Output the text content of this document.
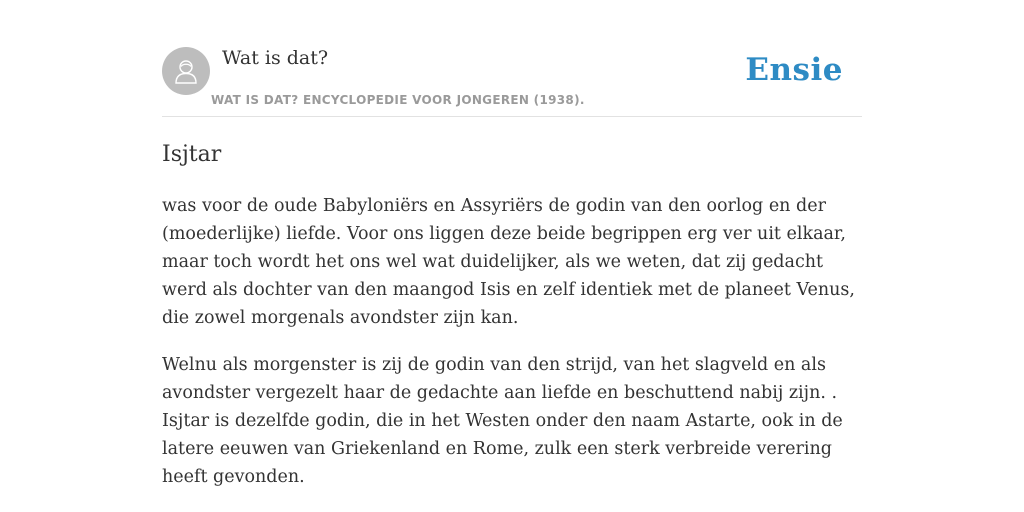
Wat is dat?
WAT IS DAT? ENCYCLOPEDIE VOOR JONGEREN (1938).
Ensie
Isjtar

was voor de oude Babyloniërs en Assyriërs de godin van den oorlog en der (moederlijke) liefde. Voor ons liggen deze beide begrippen erg ver uit elkaar, maar toch wordt het ons wel wat duidelijker, als we weten, dat zij gedacht werd als dochter van den maangod Isis en zelf identiek met de planeet Venus, die zowel morgenals avondster zijn kan.

Welnu als morgenster is zij de godin van den strijd, van het slagveld en als avondster vergezelt haar de gedachte aan liefde en beschuttend nabij zijn. . Isjtar is dezelfde godin, die in het Westen onder den naam Astarte, ook in de latere eeuwen van Griekenland en Rome, zulk een sterk verbreide verering heeft gevonden.
